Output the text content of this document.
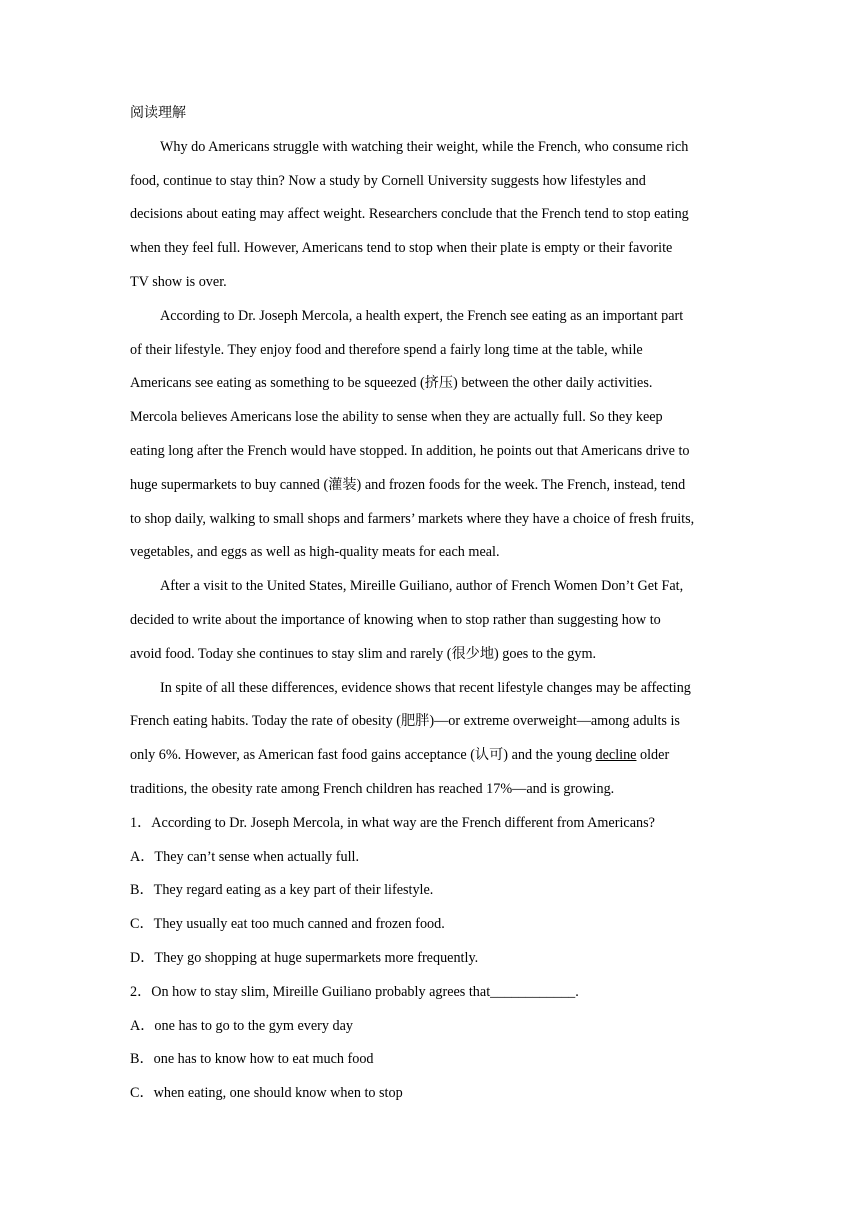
阅读理解
Why do Americans struggle with watching their weight, while the French, who consume rich
food, continue to stay thin? Now a study by Cornell University suggests how lifestyles and
decisions about eating may affect weight. Researchers conclude that the French tend to stop eating
when they feel full. However, Americans tend to stop when their plate is empty or their favorite
TV show is over.
According to Dr. Joseph Mercola, a health expert, the French see eating as an important part
of their lifestyle. They enjoy food and therefore spend a fairly long time at the table, while
Americans see eating as something to be squeezed (挤压) between the other daily activities.
Mercola believes Americans lose the ability to sense when they are actually full. So they keep
eating long after the French would have stopped. In addition, he points out that Americans drive to
huge supermarkets to buy canned (灌装) and frozen foods for the week. The French, instead, tend
to shop daily, walking to small shops and farmers’ markets where they have a choice of fresh fruits,
vegetables, and eggs as well as high-quality meats for each meal.
After a visit to the United States, Mireille Guiliano, author of French Women Don’t Get Fat,
decided to write about the importance of knowing when to stop rather than suggesting how to
avoid food. Today she continues to stay slim and rarely (很少地) goes to the gym.
In spite of all these differences, evidence shows that recent lifestyle changes may be affecting
French eating habits. Today the rate of obesity (肥胖)—or extreme overweight—among adults is
only 6%. However, as American fast food gains acceptance (认可) and the young decline older
traditions, the obesity rate among French children has reached 17%—and is growing.
1．According to Dr. Joseph Mercola, in what way are the French different from Americans?
A．They can’t sense when actually full.
B．They regard eating as a key part of their lifestyle.
C．They usually eat too much canned and frozen food.
D．They go shopping at huge supermarkets more frequently.
2．On how to stay slim, Mireille Guiliano probably agrees that____________.
A．one has to go to the gym every day
B．one has to know how to eat much food
C．when eating, one should know when to stop
